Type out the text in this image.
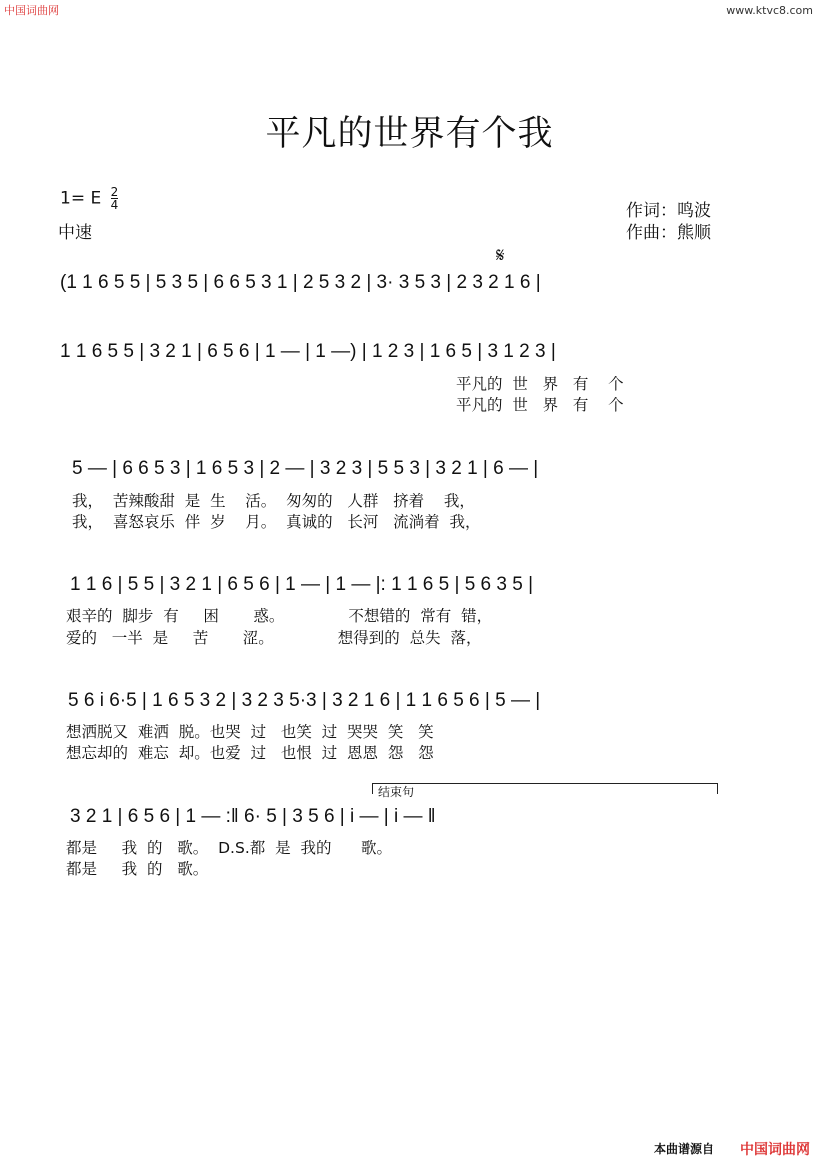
中国词曲网	www.ktvc8.com
平凡的世界有个我
1= E $\frac{2}{4}$
中速
作词：鸣波
作曲：熊顺
𝄋
(1 1 6 5 5 | 5 3 5 | 6 6 5 3 1 | 2 5 3 2 | 3· 3 5 3 | 2 3 2 1 6 |
1 1 6 5 5 | 3 2 1 | 6 5 6 | 1 — | 1 —) | 1 2 3 | 1 6 5 | 3 1 2 3 |
平凡的  世   界   有    个
平凡的  世   界   有    个
5 — | 6 6 5 3 | 1 6 5 3 | 2 — | 3 2 3 | 5 5 3 | 3 2 1 | 6 — |
我，  苦辣酸甜  是  生    活。  匆匆的   人群   挤着    我，
我，  喜怒哀乐  伴  岁    月。  真诚的   长河   流淌着  我，
1 1 6 | 5 5 | 3 2 1 | 6 5 6 | 1 — | 1 — |: 1 1 6 5 | 5 6 3 5 |
艰辛的  脚步  有     困       惑。             不想错的  常有  错，
爱的   一半  是     苦       涩。             想得到的  总失  落，
5 6 i 6·5 | 1 6 5 3 2 | 3 2 3 5·3 | 3 2 1 6 | 1 1 6 5 6 | 5 — |
想洒脱又  难洒  脱。也哭  过   也笑  过  哭哭  笑   笑
想忘却的  难忘  却。也爱  过   也恨  过  恩恩  怨   怨
结束句
3 2 1 | 6 5 6 | 1 — :‖ 6· 5 | 3 5 6 | i — | i — ‖
都是     我  的   歌。  D.S.都  是  我的      歌。
都是     我  的   歌。
本曲谱源自 中国词曲网
